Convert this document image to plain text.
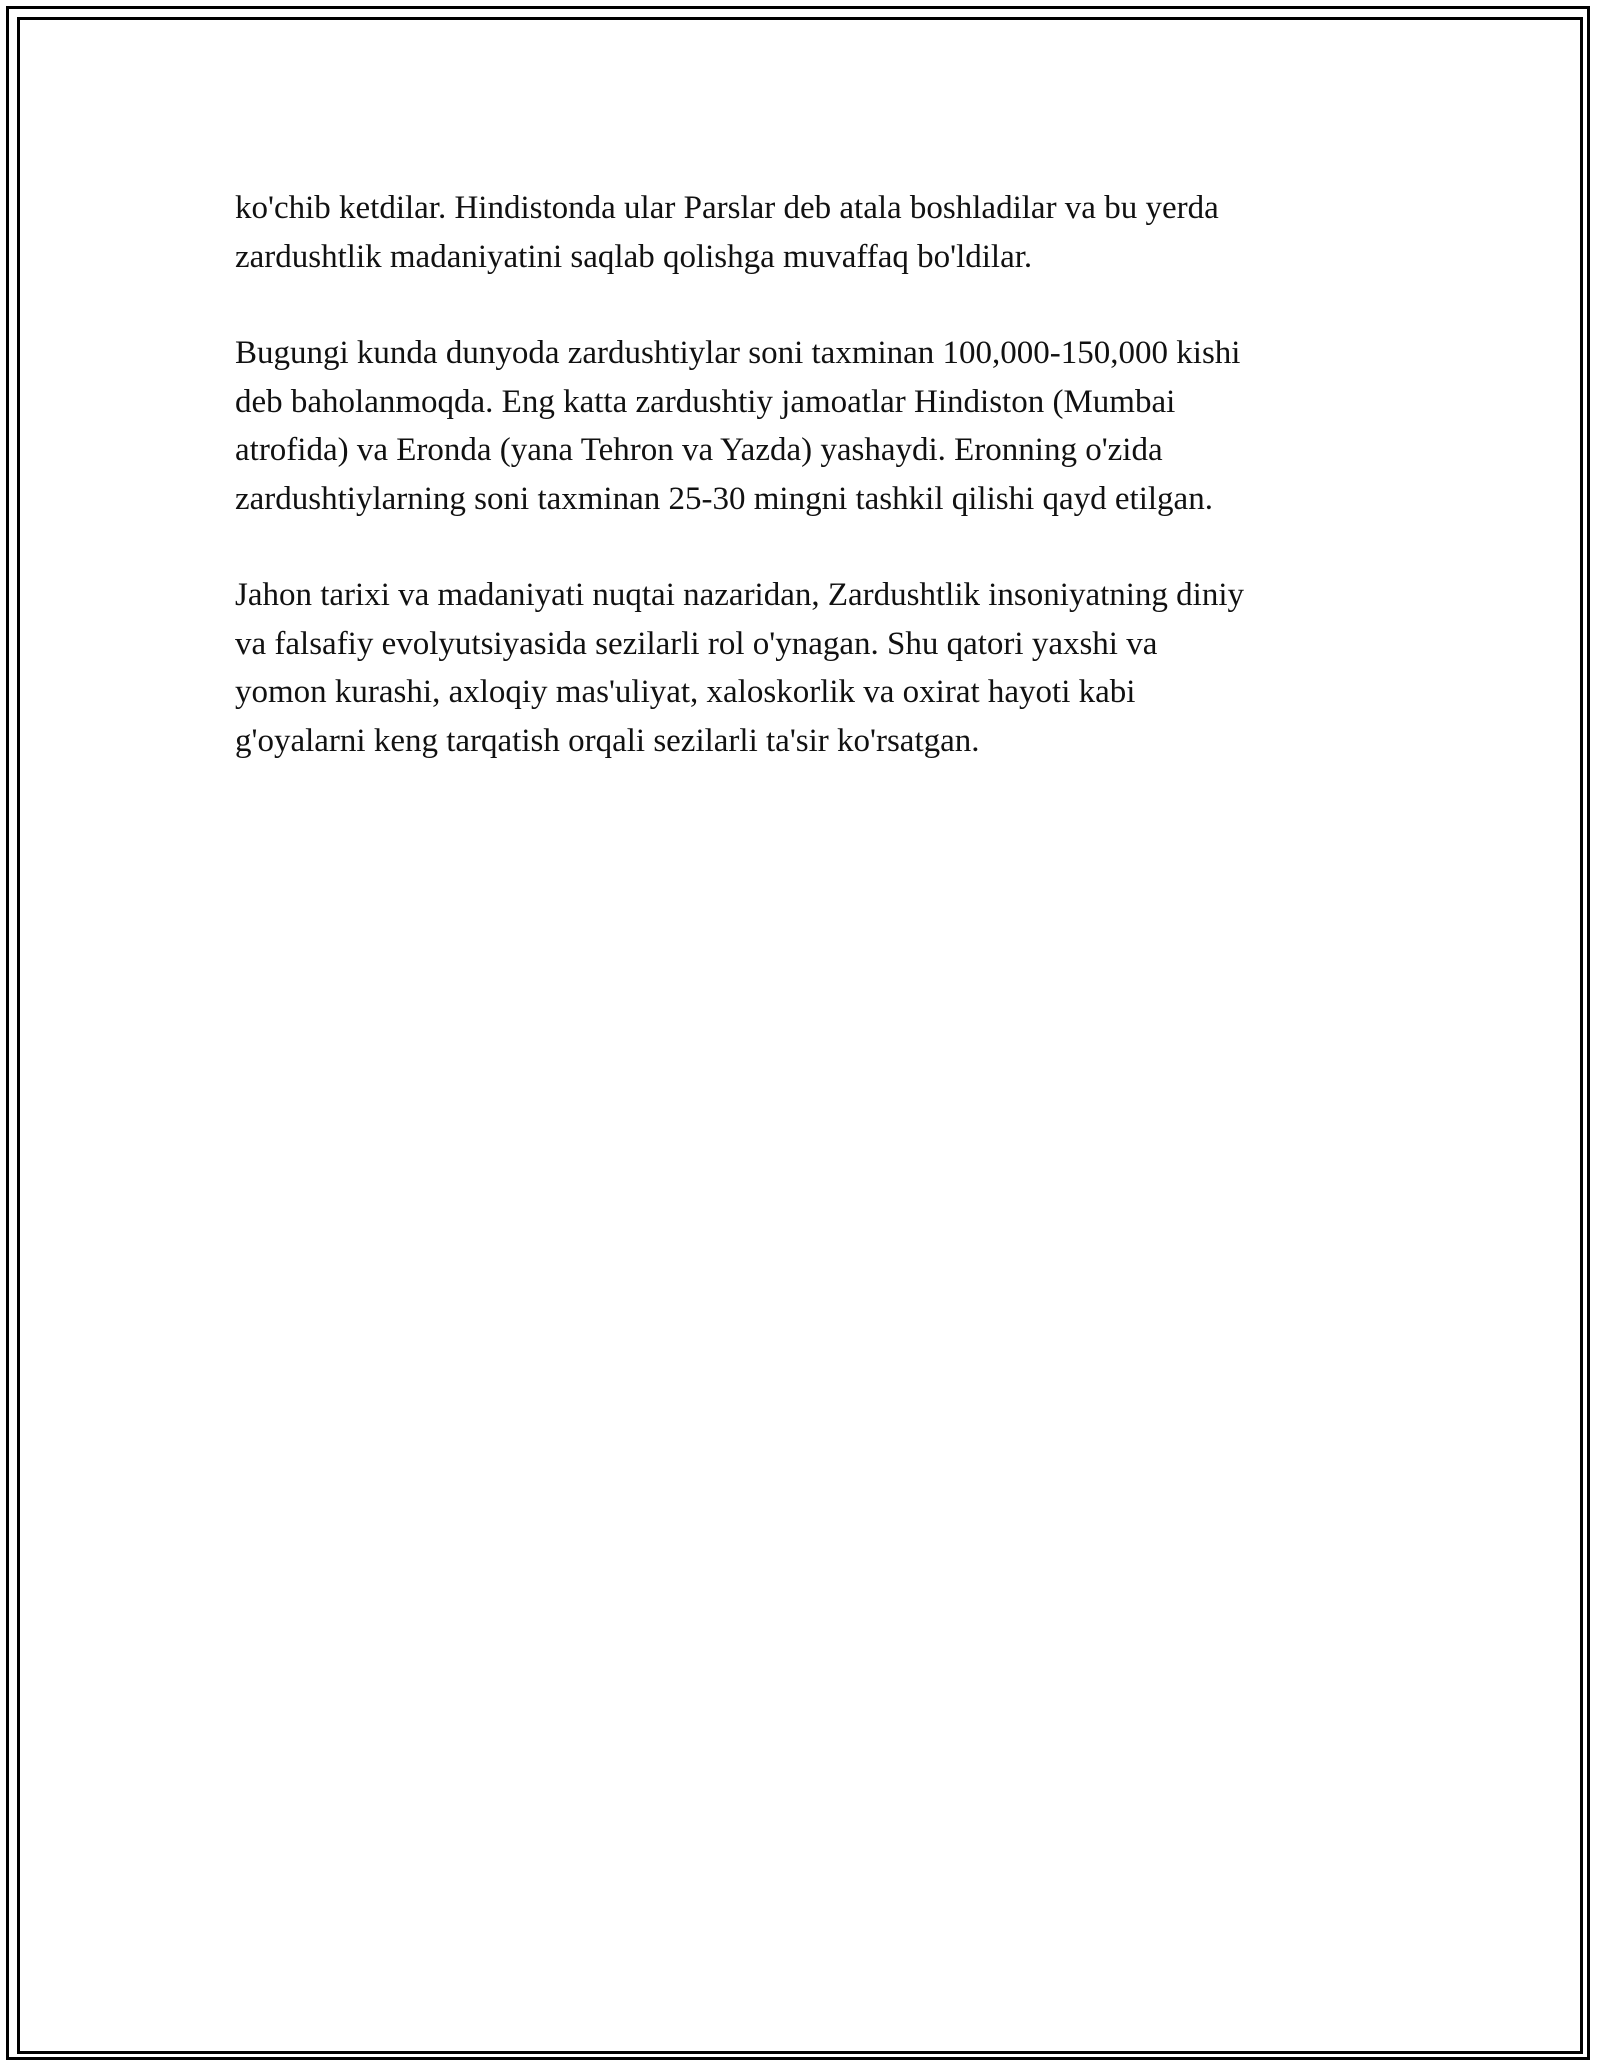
ko'chib ketdilar. Hindistonda ular Parslar deb atala boshladilar va bu yerda
zardushtlik madaniyatini saqlab qolishga muvaffaq bo'ldilar.

Bugungi kunda dunyoda zardushtiylar soni taxminan 100,000-150,000 kishi
deb baholanmoqda. Eng katta zardushtiy jamoatlar Hindiston (Mumbai
atrofida) va Eronda (yana Tehron va Yazda) yashaydi. Eronning o'zida
zardushtiylarning soni taxminan 25-30 mingni tashkil qilishi qayd etilgan.

Jahon tarixi va madaniyati nuqtai nazaridan, Zardushtlik insoniyatning diniy
va falsafiy evolyutsiyasida sezilarli rol o'ynagan. Shu qatori yaxshi va
yomon kurashi, axloqiy mas'uliyat, xaloskorlik va oxirat hayoti kabi
g'oyalarni keng tarqatish orqali sezilarli ta'sir ko'rsatgan.
